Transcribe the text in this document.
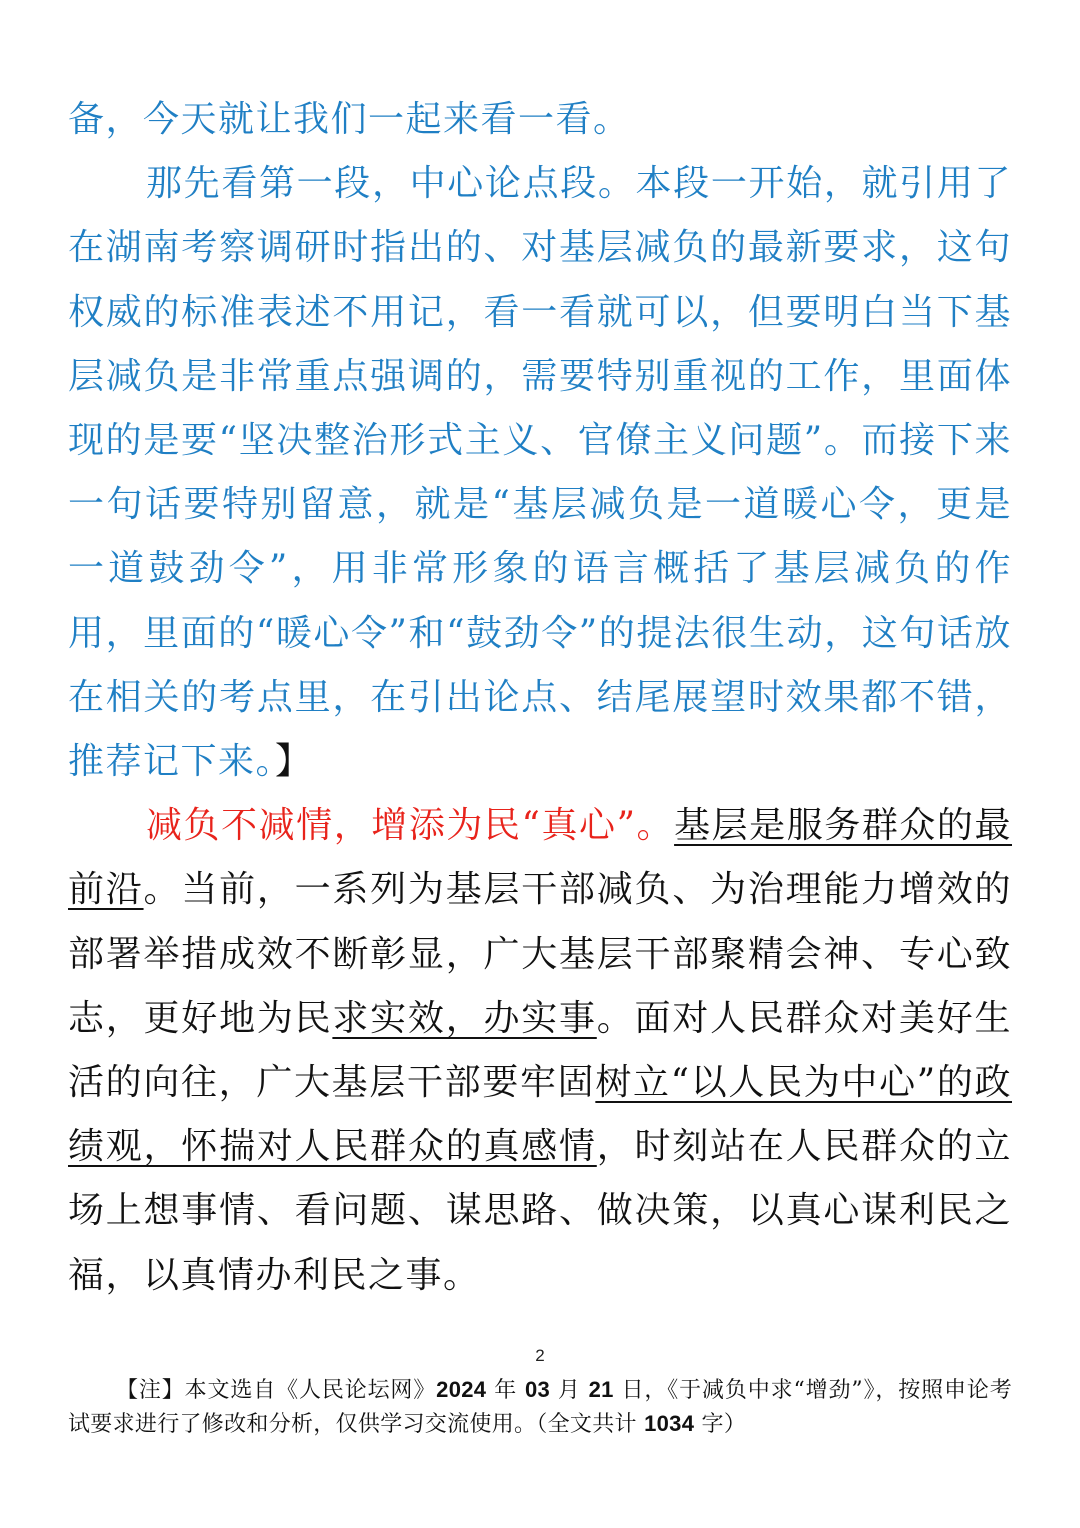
备，今天就让我们一起来看一看。

那先看第一段，中心论点段。本段一开始，就引用了在湖南考察调研时指出的、对基层减负的最新要求，这句权威的标准表述不用记，看一看就可以，但要明白当下基层减负是非常重点强调的，需要特别重视的工作，里面体现的是要“坚决整治形式主义、官僚主义问题”。而接下来一句话要特别留意，就是“基层减负是一道暖心令，更是一道鼓劲令”，用非常形象的语言概括了基层减负的作用，里面的“暖心令”和“鼓劲令”的提法很生动，这句话放在相关的考点里，在引出论点、结尾展望时效果都不错，推荐记下来。】

减负不减情，增添为民“真心”。基层是服务群众的最前沿。当前，一系列为基层干部减负、为治理能力增效的部署举措成效不断彰显，广大基层干部聚精会神、专心致志，更好地为民求实效，办实事。面对人民群众对美好生活的向往，广大基层干部要牢固树立“以人民为中心”的政绩观，怀揣对人民群众的真感情，时刻站在人民群众的立场上想事情、看问题、谋思路、做决策，以真心谋利民之福，以真情办利民之事。

2
【注】本文选自《人民论坛网》2024 年 03 月 21 日，《于减负中求“增劲”》，按照申论考试要求进行了修改和分析，仅供学习交流使用。（全文共计 1034 字）
